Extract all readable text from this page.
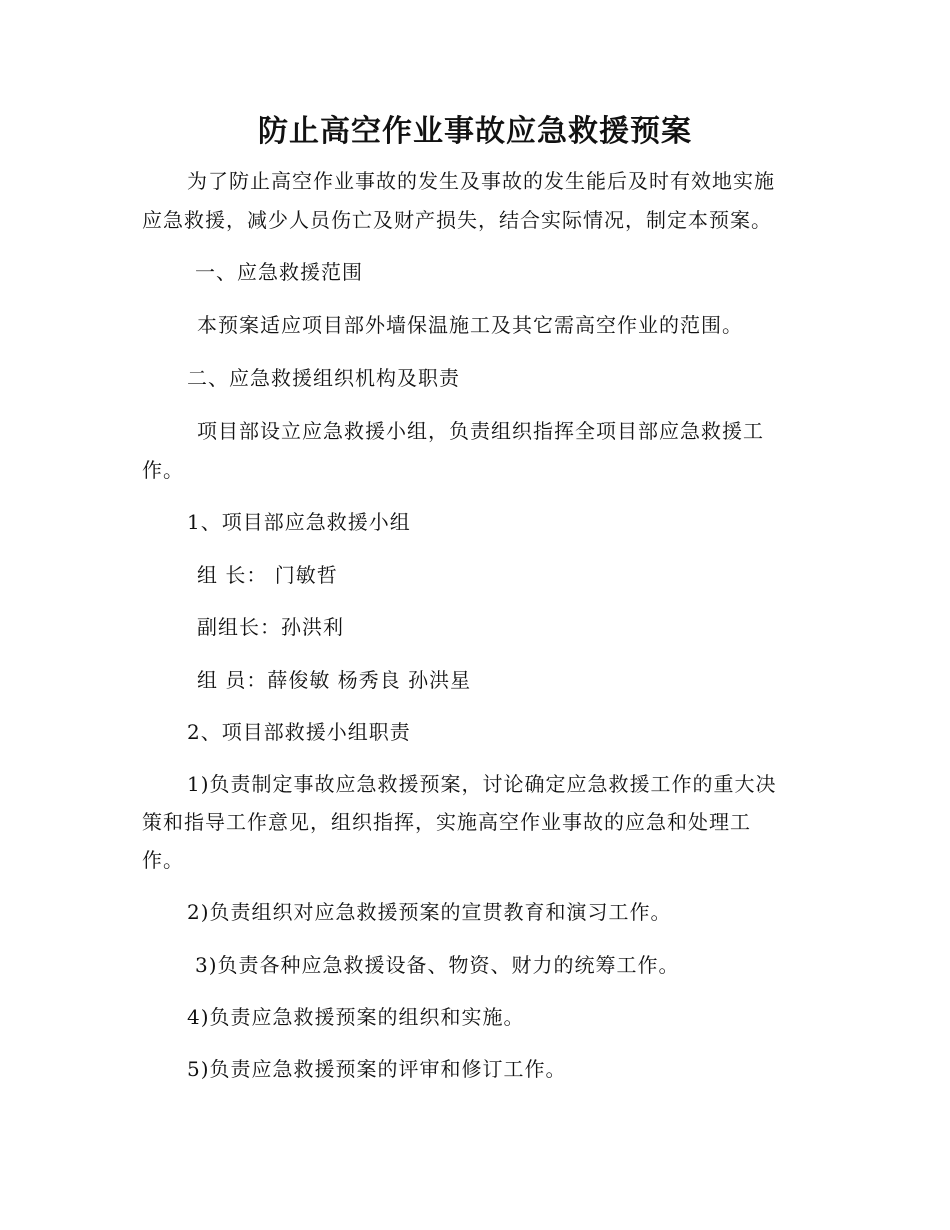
防止高空作业事故应急救援预案
为了防止高空作业事故的发生及事故的发生能后及时有效地实施
应急救援，减少人员伤亡及财产损失，结合实际情况，制定本预案。
一、应急救援范围
本预案适应项目部外墙保温施工及其它需高空作业的范围。
二、应急救援组织机构及职责
项目部设立应急救援小组，负责组织指挥全项目部应急救援工
作。
1、项目部应急救援小组
组 长： 门敏哲
副组长：孙洪利
组 员：薛俊敏 杨秀良 孙洪星
2、项目部救援小组职责
1)负责制定事故应急救援预案，讨论确定应急救援工作的重大决
策和指导工作意见，组织指挥，实施高空作业事故的应急和处理工
作。
2)负责组织对应急救援预案的宣贯教育和演习工作。
3)负责各种应急救援设备、物资、财力的统筹工作。
4)负责应急救援预案的组织和实施。
5)负责应急救援预案的评审和修订工作。
